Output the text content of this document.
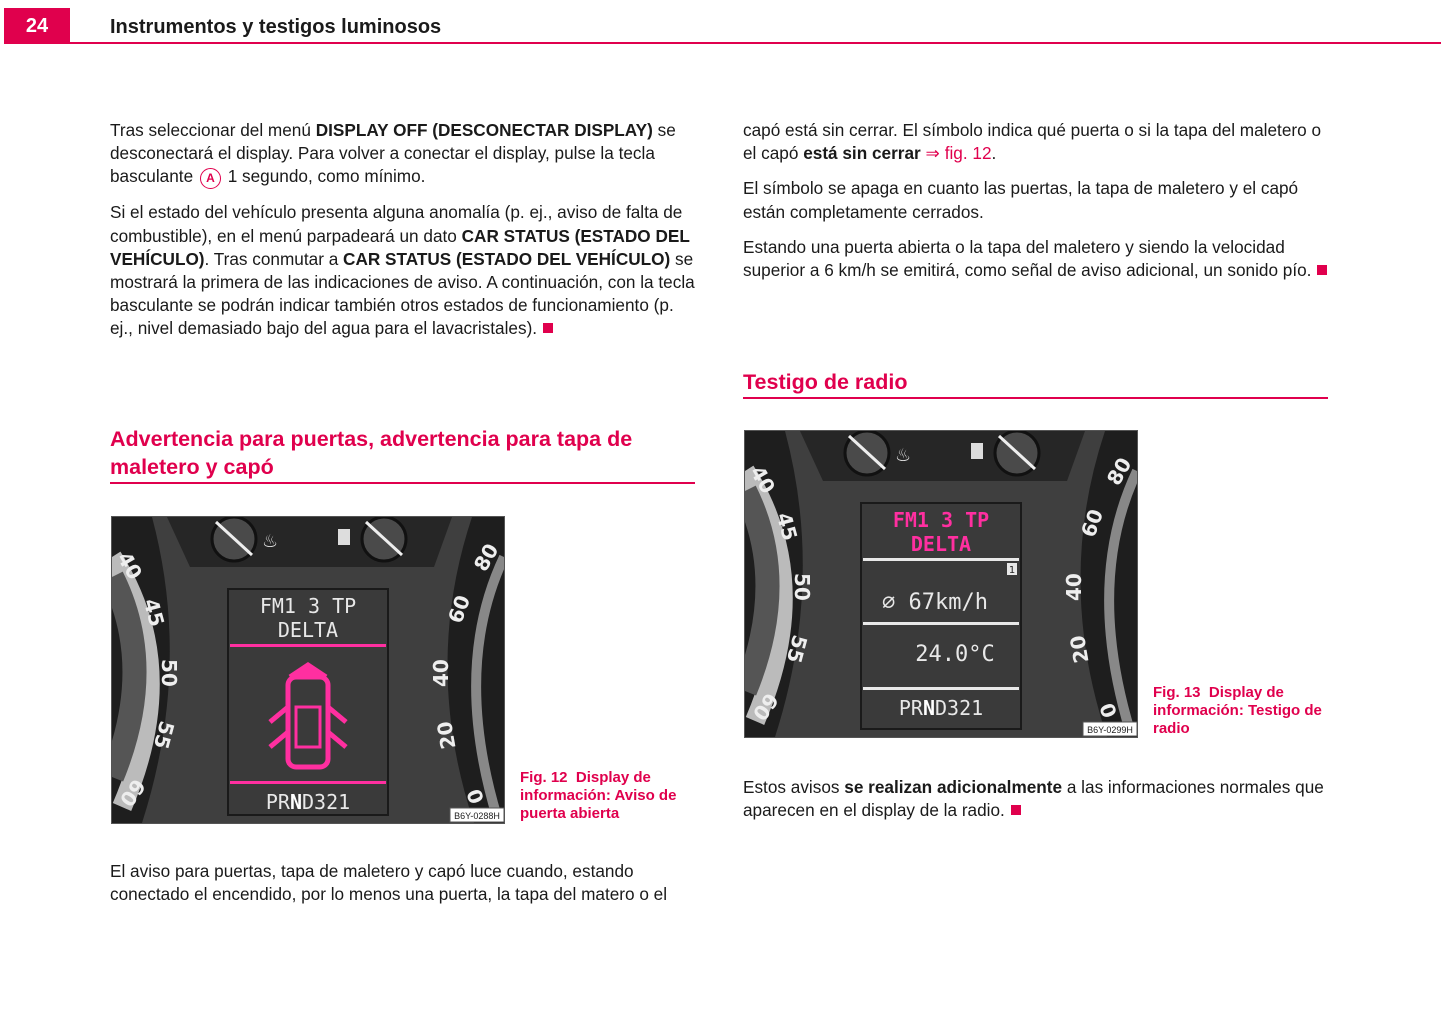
24	Instrumentos y testigos luminosos

Tras seleccionar del menú DISPLAY OFF (DESCONECTAR DISPLAY) se desconectará el display. Para volver a conectar el display, pulse la tecla basculante A 1 segundo, como mínimo.

Si el estado del vehículo presenta alguna anomalía (p. ej., aviso de falta de combustible), en el menú parpadeará un dato CAR STATUS (ESTADO DEL VEHÍCULO). Tras conmutar a CAR STATUS (ESTADO DEL VEHÍCULO) se mostrará la primera de las indicaciones de aviso. A continuación, con la tecla basculante se podrán indicar también otros estados de funcionamiento (p. ej., nivel demasiado bajo del agua para el lavacristales).

Advertencia para puertas, advertencia para tapa de maletero y capó
♨
40
45
50
55
60
80
60
40
20
0
FM1 3 TP
DELTA
PRND321
B6Y-0288H
Fig. 12 Display de información: Aviso de puerta abierta

El aviso para puertas, tapa de maletero y capó luce cuando, estando conectado el encendido, por lo menos una puerta, la tapa del matero o el

capó está sin cerrar. El símbolo indica qué puerta o si la tapa del maletero o el capó está sin cerrar ⇒ fig. 12.

El símbolo se apaga en cuanto las puertas, la tapa de maletero y el capó están completamente cerrados.

Estando una puerta abierta o la tapa del maletero y siendo la velocidad superior a 6 km/h se emitirá, como señal de aviso adicional, un sonido pío.

Testigo de radio
♨
40
45
50
55
60
80
60
40
20
0
FM1 3 TP
DELTA
1
⌀ 67km/h
24.0°C
PRND321
B6Y-0299H
Fig. 13 Display de información: Testigo de radio

Estos avisos se realizan adicionalmente a las informaciones normales que aparecen en el display de la radio.
